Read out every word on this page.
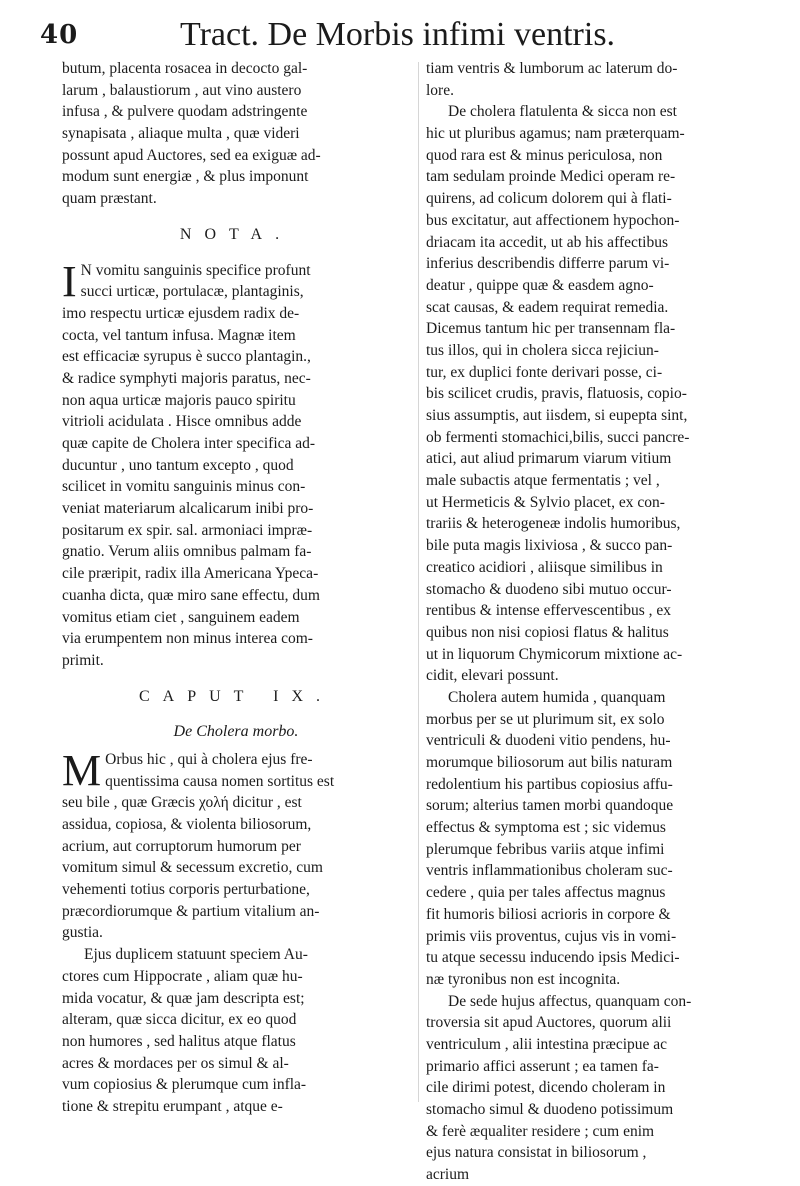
40	Tract. De Morbis infimi ventris.
butum, placenta rosacea in decocto gal-
larum , balaustiorum , aut vino austero
infusa , & pulvere quodam adstringente
synapisata , aliaque multa , quæ videri
possunt apud Auctores, sed ea exiguæ ad-
modum sunt energiæ , & plus imponunt
quam præstant.
NOTA.
I N vomitu sanguinis specifice profunt
succi urticæ, portulacæ, plantaginis,
imo respectu urticæ ejusdem radix de-
cocta, vel tantum infusa. Magnæ item
est efficaciæ syrupus è succo plantagin.,
& radice symphyti majoris paratus, nec-
non aqua urticæ majoris pauco spiritu
vitrioli acidulata . Hisce omnibus adde
quæ capite de Cholera inter specifica ad-
ducuntur , uno tantum excepto , quod
scilicet in vomitu sanguinis minus con-
veniat materiarum alcalicarum inibi pro-
positarum ex spir. sal. armoniaci impræ-
gnatio. Verum aliis omnibus palmam fa-
cile præripit, radix illa Americana Ypeca-
cuanha dicta, quæ miro sane effectu, dum
vomitus etiam ciet , sanguinem eadem
via erumpentem non minus interea com-
primit.
CAPUT IX.
De Cholera morbo.
M Orbus hic , qui à cholera ejus fre-
quentissima causa nomen sortitus est
seu bile , quæ Græcis χολή dicitur , est
assidua, copiosa, & violenta biliosorum,
acrium, aut corruptorum humorum per
vomitum simul & secessum excretio, cum
vehementi totius corporis perturbatione,
præcordiorumque & partium vitalium an-
gustia.
Ejus duplicem statuunt speciem Au-
ctores cum Hippocrate , aliam quæ hu-
mida vocatur, & quæ jam descripta est;
alteram, quæ sicca dicitur, ex eo quod
non humores , sed halitus atque flatus
acres & mordaces per os simul & al-
vum copiosius & plerumque cum infla-
tione & strepitu erumpant , atque e-
tiam ventris & lumborum ac laterum do-
lore.
De cholera flatulenta & sicca non est
hic ut pluribus agamus; nam præterquam-
quod rara est & minus periculosa, non
tam sedulam proinde Medici operam re-
quirens, ad colicum dolorem qui à flati-
bus excitatur, aut affectionem hypochon-
driacam ita accedit, ut ab his affectibus
inferius describendis differre parum vi-
deatur , quippe quæ & easdem agno-
scat causas, & eadem requirat remedia.
Dicemus tantum hic per transennam fla-
tus illos, qui in cholera sicca rejiciun-
tur, ex duplici fonte derivari posse, ci-
bis scilicet crudis, pravis, flatuosis, copio-
sius assumptis, aut iisdem, si eupepta sint,
ob fermenti stomachici,bilis, succi pancre-
atici, aut aliud primarum viarum vitium
male subactis atque fermentatis ; vel ,
ut Hermeticis & Sylvio placet, ex con-
trariis & heterogeneæ indolis humoribus,
bile puta magis lixiviosa , & succo pan-
creatico acidiori , aliisque similibus in
stomacho & duodeno sibi mutuo occur-
rentibus & intense effervescentibus , ex
quibus non nisi copiosi flatus & halitus
ut in liquorum Chymicorum mixtione ac-
cidit, elevari possunt.
Cholera autem humida , quanquam
morbus per se ut plurimum sit, ex solo
ventriculi & duodeni vitio pendens, hu-
morumque biliosorum aut bilis naturam
redolentium his partibus copiosius affu-
sorum; alterius tamen morbi quandoque
effectus & symptoma est ; sic videmus
plerumque febribus variis atque infimi
ventris inflammationibus choleram suc-
cedere , quia per tales affectus magnus
fit humoris biliosi acrioris in corpore &
primis viis proventus, cujus vis in vomi-
tu atque secessu inducendo ipsis Medici-
næ tyronibus non est incognita.
De sede hujus affectus, quanquam con-
troversia sit apud Auctores, quorum alii
ventriculum , alii intestina præcipue ac
primario affici asserunt ; ea tamen fa-
cile dirimi potest, dicendo choleram in
stomacho simul & duodeno potissimum
& ferè æqualiter residere ; cum enim
ejus natura consistat in biliosorum ,
acrium
